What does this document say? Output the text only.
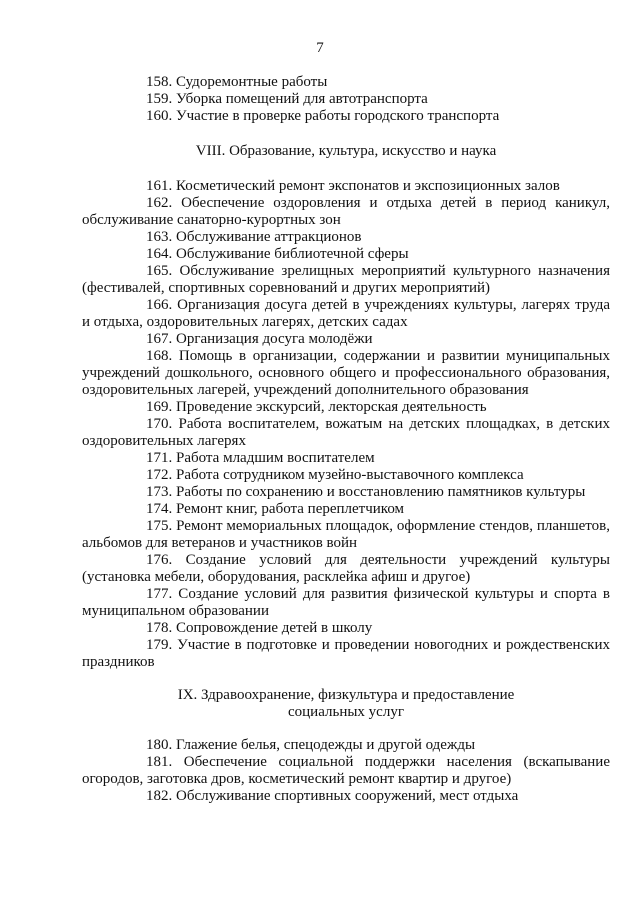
7

158. Судоремонтные работы

159. Уборка помещений для автотранспорта

160. Участие в проверке работы городского транспорта

VIII. Образование, культура, искусство и наука

161. Косметический ремонт экспонатов и экспозиционных залов

162. Обеспечение оздоровления и отдыха детей в период каникул, обслуживание санаторно-курортных зон

163. Обслуживание аттракционов

164. Обслуживание библиотечной сферы

165. Обслуживание зрелищных мероприятий культурного назначения (фестивалей, спортивных соревнований и других мероприятий)

166. Организация досуга детей в учреждениях культуры, лагерях труда и отдыха, оздоровительных лагерях, детских садах

167. Организация досуга молодёжи

168. Помощь в организации, содержании и развитии муниципальных учреждений дошкольного, основного общего и профессионального образования, оздоровительных лагерей, учреждений дополнительного образования

169. Проведение экскурсий, лекторская деятельность

170. Работа воспитателем, вожатым на детских площадках, в детских оздоровительных лагерях

171. Работа младшим воспитателем

172. Работа сотрудником музейно-выставочного комплекса

173. Работы по сохранению и восстановлению памятников культуры

174. Ремонт книг, работа переплетчиком

175. Ремонт мемориальных площадок, оформление стендов, планшетов, альбомов для ветеранов и участников войн

176. Создание условий для деятельности учреждений культуры (установка мебели, оборудования, расклейка афиш и другое)

177. Создание условий для развития физической культуры и спорта в муниципальном образовании

178. Сопровождение детей в школу

179. Участие в подготовке и проведении новогодних и рождественских праздников

IX. Здравоохранение, физкультура и предоставление
социальных услуг

180. Глажение белья, спецодежды и другой одежды

181. Обеспечение социальной поддержки населения (вскапывание огородов, заготовка дров, косметический ремонт квартир и другое)

182. Обслуживание спортивных сооружений, мест отдыха
